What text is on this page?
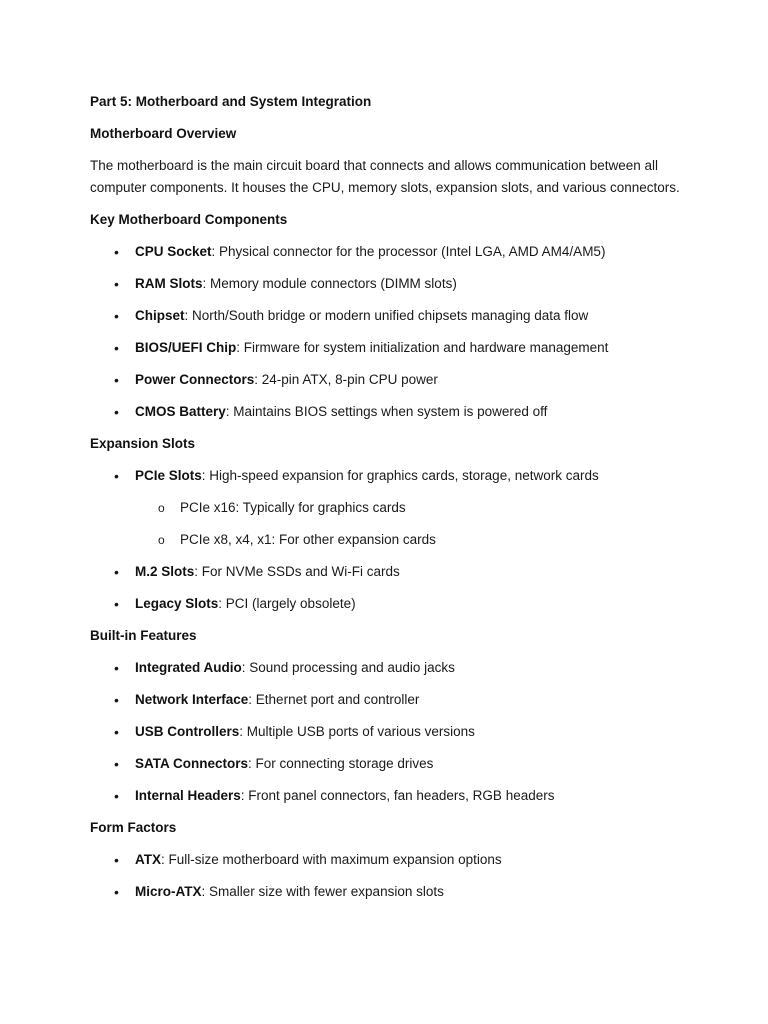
Part 5: Motherboard and System Integration
Motherboard Overview
The motherboard is the main circuit board that connects and allows communication between all computer components. It houses the CPU, memory slots, expansion slots, and various connectors.
Key Motherboard Components
• CPU Socket: Physical connector for the processor (Intel LGA, AMD AM4/AM5)
• RAM Slots: Memory module connectors (DIMM slots)
• Chipset: North/South bridge or modern unified chipsets managing data flow
• BIOS/UEFI Chip: Firmware for system initialization and hardware management
• Power Connectors: 24-pin ATX, 8-pin CPU power
• CMOS Battery: Maintains BIOS settings when system is powered off
Expansion Slots
• PCIe Slots: High-speed expansion for graphics cards, storage, network cards
o PCIe x16: Typically for graphics cards
o PCIe x8, x4, x1: For other expansion cards
• M.2 Slots: For NVMe SSDs and Wi-Fi cards
• Legacy Slots: PCI (largely obsolete)
Built-in Features
• Integrated Audio: Sound processing and audio jacks
• Network Interface: Ethernet port and controller
• USB Controllers: Multiple USB ports of various versions
• SATA Connectors: For connecting storage drives
• Internal Headers: Front panel connectors, fan headers, RGB headers
Form Factors
• ATX: Full-size motherboard with maximum expansion options
• Micro-ATX: Smaller size with fewer expansion slots
